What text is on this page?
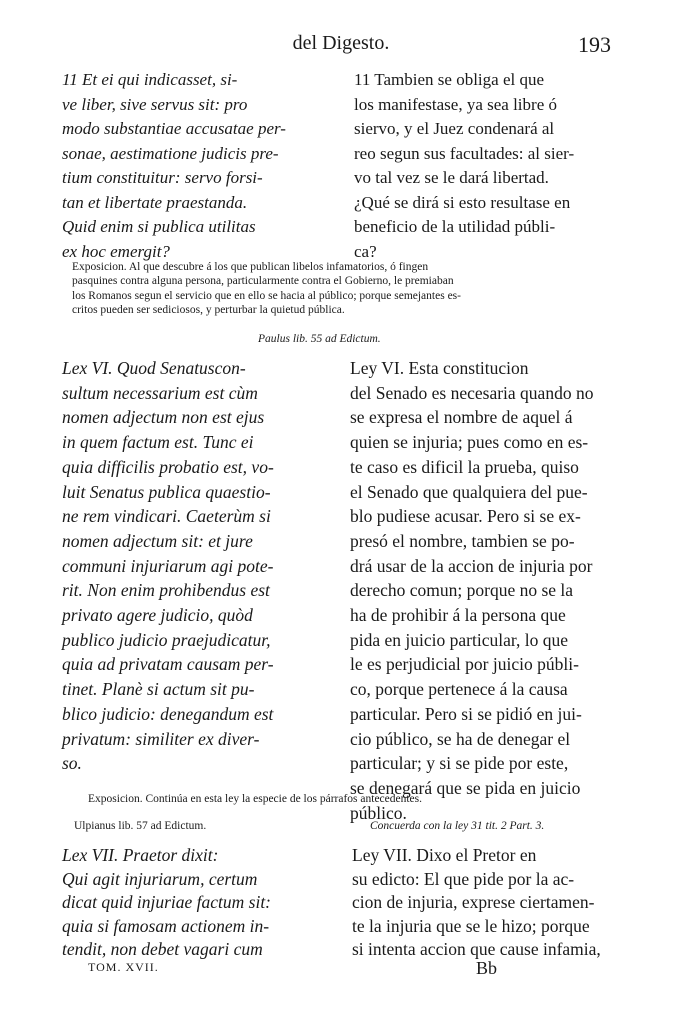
del Digesto.	193

11 Et ei qui indicasset, si-

ve liber, sive servus sit: pro

modo substantiae accusatae per-

sonae, aestimatione judicis pre-

tium constituitur: servo forsi-

tan et libertate praestanda.

Quid enim si publica utilitas

ex hoc emergit?

11 Tambien se obliga el que

los manifestase, ya sea libre ó

siervo, y el Juez condenará al

reo segun sus facultades: al sier-

vo tal vez se le dará libertad.

¿Qué se dirá si esto resultase en

beneficio de la utilidad públi-

ca?

Exposicion. Al que descubre á los que publican libelos infamatorios, ó fingen

pasquines contra alguna persona, particularmente contra el Gobierno, le premiaban

los Romanos segun el servicio que en ello se hacia al público; porque semejantes es-

critos pueden ser sediciosos, y perturbar la quietud pública.

Paulus lib. 55 ad Edictum.

Lex VI. Quod Senatuscon-

sultum necessarium est cùm

nomen adjectum non est ejus

in quem factum est. Tunc ei

quia difficilis probatio est, vo-

luit Senatus publica quaestio-

ne rem vindicari. Caeterùm si

nomen adjectum sit: et jure

communi injuriarum agi pote-

rit. Non enim prohibendus est

privato agere judicio, quòd

publico judicio praejudicatur,

quia ad privatam causam per-

tinet. Planè si actum sit pu-

blico judicio: denegandum est

privatum: similiter ex diver-

so.

Ley VI. Esta constitucion

del Senado es necesaria quando no

se expresa el nombre de aquel á

quien se injuria; pues como en es-

te caso es dificil la prueba, quiso

el Senado que qualquiera del pue-

blo pudiese acusar. Pero si se ex-

presó el nombre, tambien se po-

drá usar de la accion de injuria por

derecho comun; porque no se la

ha de prohibir á la persona que

pida en juicio particular, lo que

le es perjudicial por juicio públi-

co, porque pertenece á la causa

particular. Pero si se pidió en jui-

cio público, se ha de denegar el

particular; y si se pide por este,

se denegará que se pida en juicio

público.

Exposicion. Continúa en esta ley la especie de los párrafos antecedentes.

Ulpianus lib. 57 ad Edictum.	Concuerda con la ley 31 tit. 2 Part. 3.

Lex VII. Praetor dixit:

Qui agit injuriarum, certum

dicat quid injuriae factum sit:

quia si famosam actionem in-

tendit, non debet vagari cum

Ley VII. Dixo el Pretor en

su edicto: El que pide por la ac-

cion de injuria, exprese ciertamen-

te la injuria que se le hizo; porque

si intenta accion que cause infamia,

TOM. XVII.	Bb
